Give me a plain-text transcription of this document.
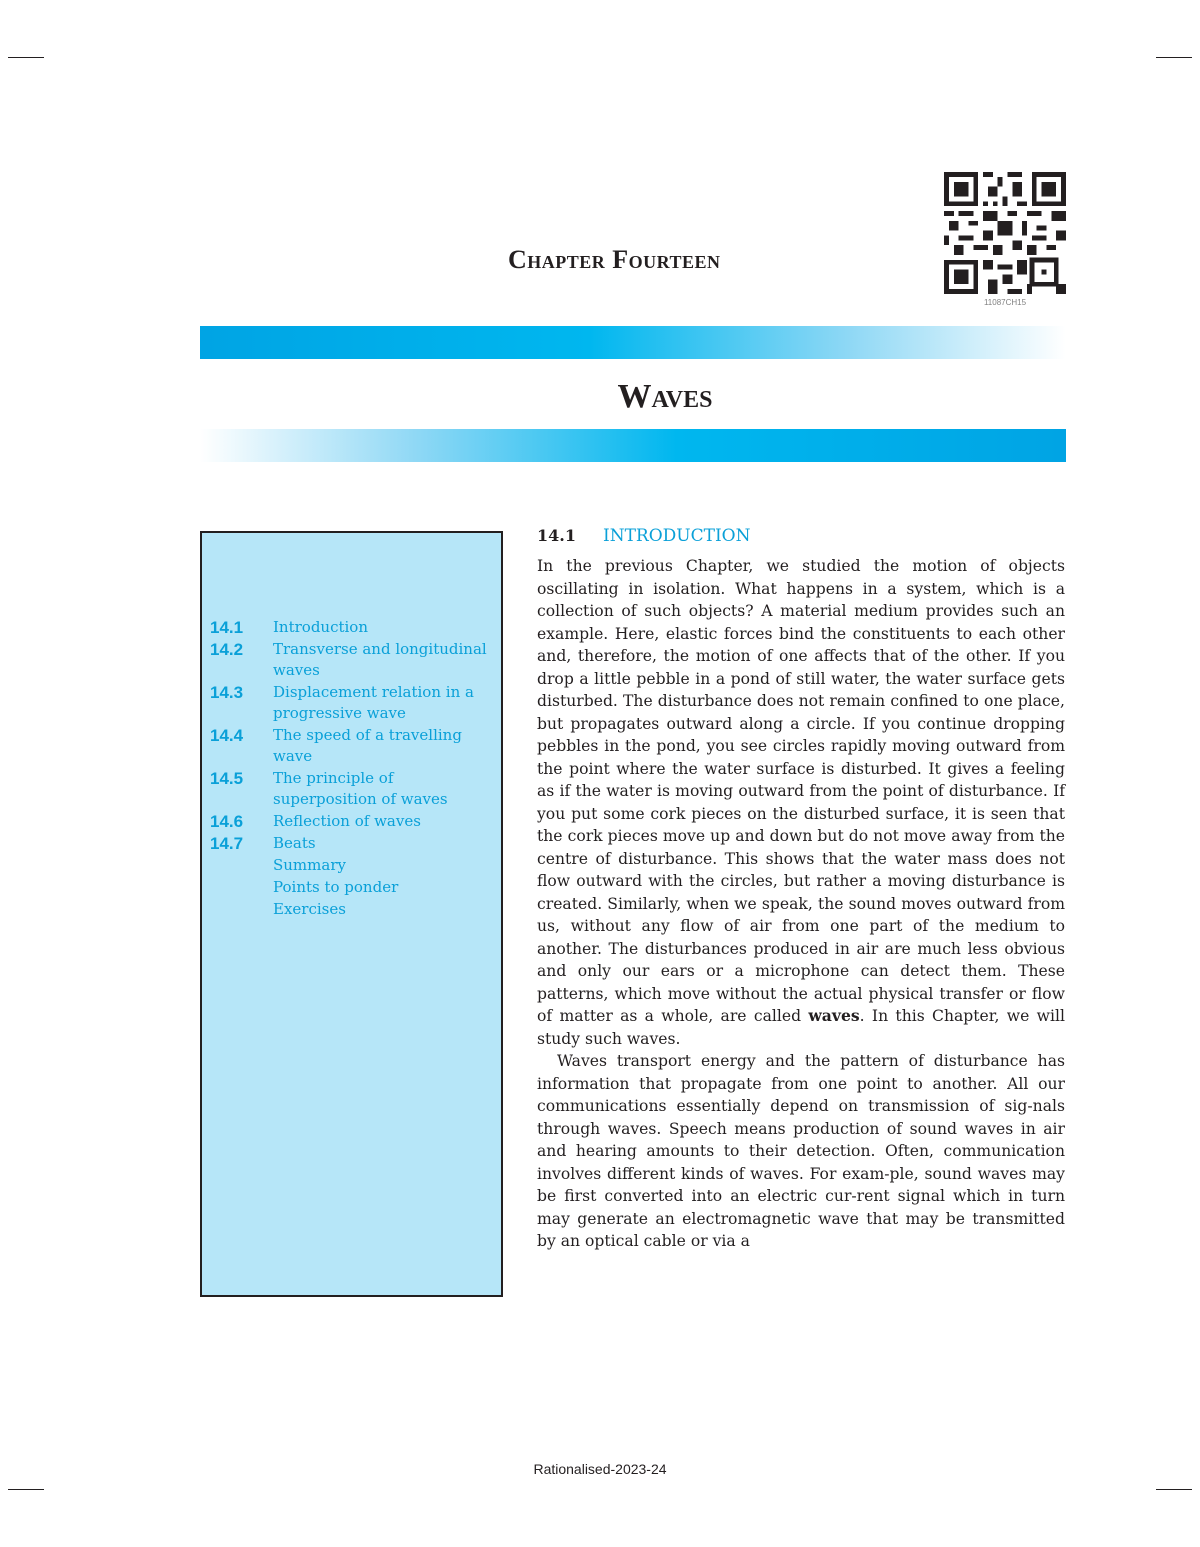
Chapter Fourteen
11087CH15
Waves
14.1	Introduction
14.2	Transverse and longitudinal waves
14.3	Displacement relation in a progressive wave
14.4	The speed of a travelling wave
14.5	The principle of superposition of waves
14.6	Reflection of waves
14.7	Beats
Summary
Points to ponder
Exercises
14.1 INTRODUCTION

In the previous Chapter, we studied the motion of objects oscillating in isolation. What happens in a system, which is a collection of such objects? A material medium provides such an example. Here, elastic forces bind the constituents to each other and, therefore, the motion of one affects that of the other. If you drop a little pebble in a pond of still water, the water surface gets disturbed. The disturbance does not remain confined to one place, but propagates outward along a circle. If you continue dropping pebbles in the pond, you see circles rapidly moving outward from the point where the water surface is disturbed. It gives a feeling as if the water is moving outward from the point of disturbance. If you put some cork pieces on the disturbed surface, it is seen that the cork pieces move up and down but do not move away from the centre of disturbance. This shows that the water mass does not flow outward with the circles, but rather a moving disturbance is created. Similarly, when we speak, the sound moves outward from us, without any flow of air from one part of the medium to another. The disturbances produced in air are much less obvious and only our ears or a microphone can detect them. These patterns, which move without the actual physical transfer or flow of matter as a whole, are called waves. In this Chapter, we will study such waves.

Waves transport energy and the pattern of disturbance has information that propagate from one point to another. All our communications essentially depend on transmission of sig-nals through waves. Speech means production of sound waves in air and hearing amounts to their detection. Often, communication involves different kinds of waves. For exam-ple, sound waves may be first converted into an electric cur-rent signal which in turn may generate an electromagnetic wave that may be transmitted by an optical cable or via a

Rationalised-2023-24
